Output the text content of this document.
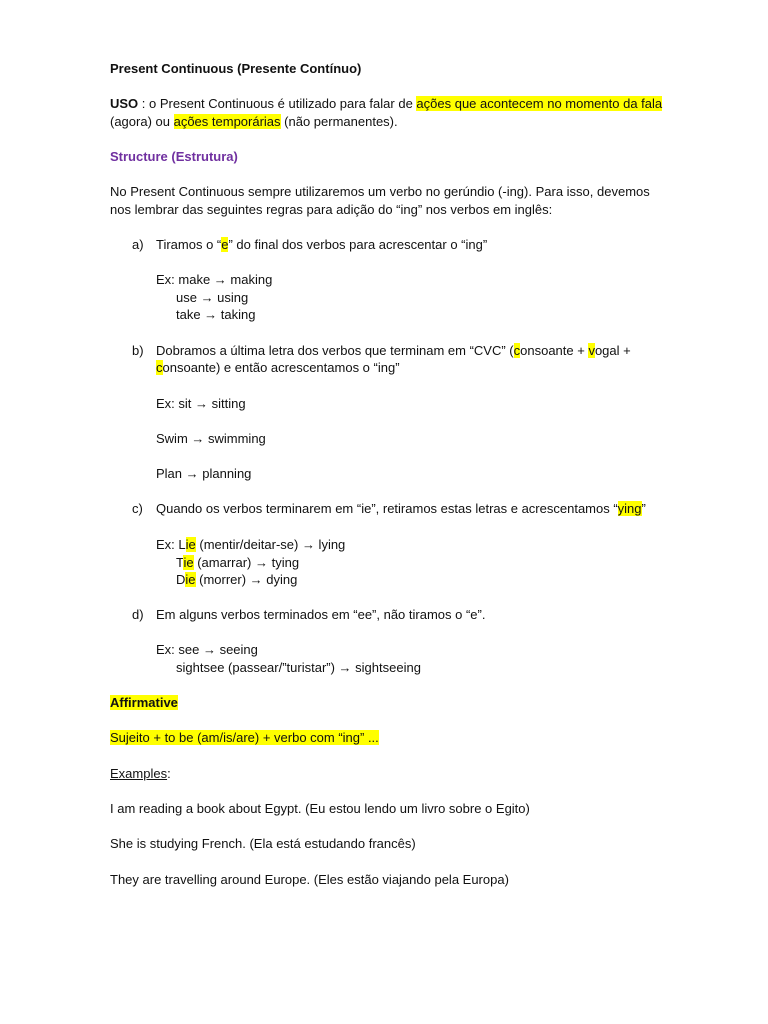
Present Continuous (Presente Contínuo)
USO : o Present Continuous é utilizado para falar de ações que acontecem no momento da fala
(agora) ou ações temporárias (não permanentes).
Structure (Estrutura)
No Present Continuous sempre utilizaremos um verbo no gerúndio (-ing). Para isso, devemos
nos lembrar das seguintes regras para adição do “ing” nos verbos em inglês:
a) Tiramos o “e” do final dos verbos para acrescentar o “ing”
Ex: make → making
use → using
take → taking
b) Dobramos a última letra dos verbos que terminam em “CVC” (consoante + vogal +
consoante) e então acrescentamos o “ing”
Ex: sit → sitting
Swim → swimming
Plan → planning
c) Quando os verbos terminarem em “ie”, retiramos estas letras e acrescentamos “ying”
Ex: Lie (mentir/deitar-se) → lying
Tie (amarrar) → tying
Die (morrer) → dying
d) Em alguns verbos terminados em “ee”, não tiramos o “e”.
Ex: see → seeing
sightsee (passear/”turistar”) → sightseeing
Affirmative
Sujeito + to be (am/is/are) + verbo com “ing” ...
Examples:
I am reading a book about Egypt. (Eu estou lendo um livro sobre o Egito)
She is studying French. (Ela está estudando francês)
They are travelling around Europe. (Eles estão viajando pela Europa)
